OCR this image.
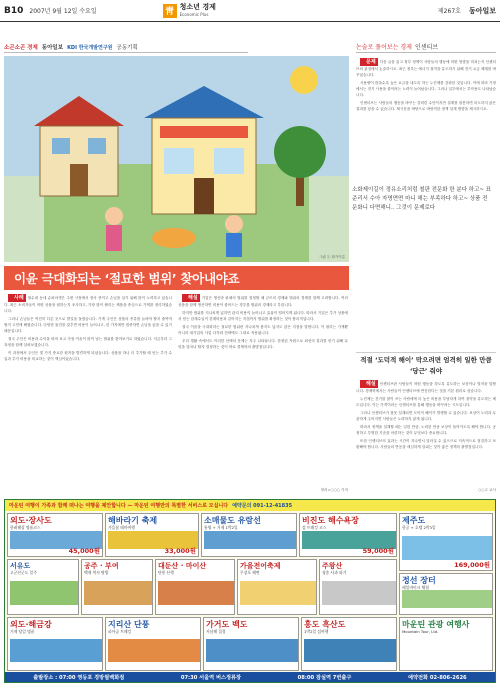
B10 2007년 9월 12일 수요일	靑
청소년 경제
Economic Plus	제267호 동아일보
소곤소곤 경제 동아일보 KDI 한국개발연구원 공동기획
그림 ⓒ 화가이름
소화제이길이 정유소리처럼 철판 전문화 한 분다 하고~ 표준리서 수아 자명면면 마니 해는 부족하다 하고~ 상품 전문화니 다면해니.. 그것이 문제로다
이윤 극대화되는 ‘절묘한 범위’ 찾아내야죠

사례 철수네 동네 슈퍼마켓은 주변 시장에서 장사 중이고 손님을 끌기 위해 많이 노력하고 있습니다. 최근 소비자들이 어떤 상품을 원하는지 조사하고, 가장 많이 팔리는 제품을 중심으로 가게를 정리하였습니다.

그러나 손님들은 여전히 다른 곳으로 발길을 돌렸습니다. 가게 주인은 상품의 종류를 늘려야 할지 줄여야 할지 고민에 빠졌습니다. 다양한 물건을 갖추면 비용이 늘어나고, 한 가지에만 집중하면 손님을 잃을 수 있기 때문입니다.

결국 주인은 비용과 수익을 따져 보고 가장 이윤이 많이 남는 범위를 찾아보기로 하였습니다. 지금부터 그 과정을 함께 살펴보겠습니다.

이 과정에서 주인은 몇 가지 중요한 원칙을 발견하게 되었습니다. 상품을 하나 더 추가할 때 얻는 추가 수입과 추가 비용을 비교하는 것이 핵심이었습니다.

해설 기업은 생산과 판매의 범위를 결정할 때 규모의 경제와 범위의 경제를 함께 고려합니다. 여러 상품을 함께 생산하면 비용이 줄어드는 경우를 범위의 경제라고 부릅니다.

하지만 범위를 지나치게 넓히면 관리 비용이 늘어나고 효율이 떨어지게 됩니다. 따라서 기업은 추가 상품에서 얻는 한계수입이 한계비용과 같아지는 지점까지 범위를 확장하는 것이 합리적입니다.

결국 이윤을 극대화하는 절묘한 범위란 지나치게 좁지도 넓지도 않은 지점을 말합니다. 이 원리는 가게뿐 아니라 대기업의 사업 다각화 전략에도 그대로 적용됩니다.

우리 생활 속에서도 이러한 선택의 문제는 자주 나타납니다. 한정된 자원으로 최선의 결과를 얻기 위해 무엇을 얼마나 할지 결정하는 것이 바로 경제학의 출발점입니다.

정리=○○○ 기자
논술로 풀어보는 경제 인센티브

문제 다음 글을 읽고 정부 정책이 사람들의 행동에 어떤 영향을 미치는지 인센티브의 관점에서 논술하시오. 최근 정부는 에너지 절약을 유도하기 위해 전기 요금 체계를 바꾸었습니다.

사용량이 많을수록 높은 요금을 내도록 하는 누진제를 강화한 것입니다. 이에 따라 가정에서는 전기 사용을 줄이려는 노력이 늘어났습니다. 그러나 일부에서는 부작용도 나타났습니다.

인센티브는 사람들의 행동을 바꾸는 강력한 수단이지만 설계를 잘못하면 의도하지 않은 결과를 낳을 수 있습니다. 제시문을 바탕으로 바람직한 정책 설계 방향을 제시하시오.

적절 ‘도덕적 해이’ 막으려면 엄격히 일한 만큼 ‘당근’ 줘야

해설 인센티브란 사람들이 어떤 행동을 하도록 유도하는 보상이나 벌칙을 말합니다. 경제학에서는 사람들이 인센티브에 반응한다는 것을 기본 원리로 삼습니다.

누진제는 전기를 많이 쓰는 사람에게 더 높은 비용을 부담하게 하여 절약을 유도하는 제도입니다. 이는 가격이라는 인센티브를 통해 행동을 바꾸려는 시도입니다.

그러나 인센티브가 잘못 설계되면 도덕적 해이가 발생할 수 있습니다. 보상이 노력과 무관하게 주어지면 사람들은 노력하지 않게 됩니다.

따라서 정책을 설계할 때는 일한 만큼, 노력한 만큼 보상이 돌아가도록 해야 합니다. 공정하고 투명한 기준을 마련하는 것이 무엇보다 중요합니다.

또한 인센티브의 효과는 시간이 지나면서 달라질 수 있으므로 지속적으로 점검하고 보완해야 합니다. 사람들의 반응을 세심하게 살피는 것이 좋은 정책의 출발점입니다.

○○고 교사
마운틴 여행이 가족과 함께 떠나는 여행을 제안합니다 — 마운틴 여행만의 특별한 서비스로 모십니다 예약문의 091-12-41835
출발장소 : 07:00 영등포 경방필백화점	07:30 서울역 버스정류장	08:00 잠실역 7번출구	예약전화 02-806-2626
외도·장사도
한려해상 명품코스
45,000원
해바라기 축제
가을꽃 테마여행
33,000원
소매물도 유람선
통영 + 거제 1박2일
비진도 해수욕장
섬 트레킹 코스
59,000원
제주도
항공 + 호텔 2박3일
169,000원
서유도
고군산군도 일주
공주 · 부여
백제 역사 탐방
대둔산 · 마이산
단풍 산행
가을전어축제
무창포 해변
주왕산
청송 사과 따기
정선 장터
레일바이크 체험
외도·해금강
거제 당일 명품
지리산 단풍
피아골 트레킹
가거도 백도
서남해 절경
홍도 흑산도
1박2일 섬여행
마운틴 관광 여행사
Mountain Tour, Ltd.
